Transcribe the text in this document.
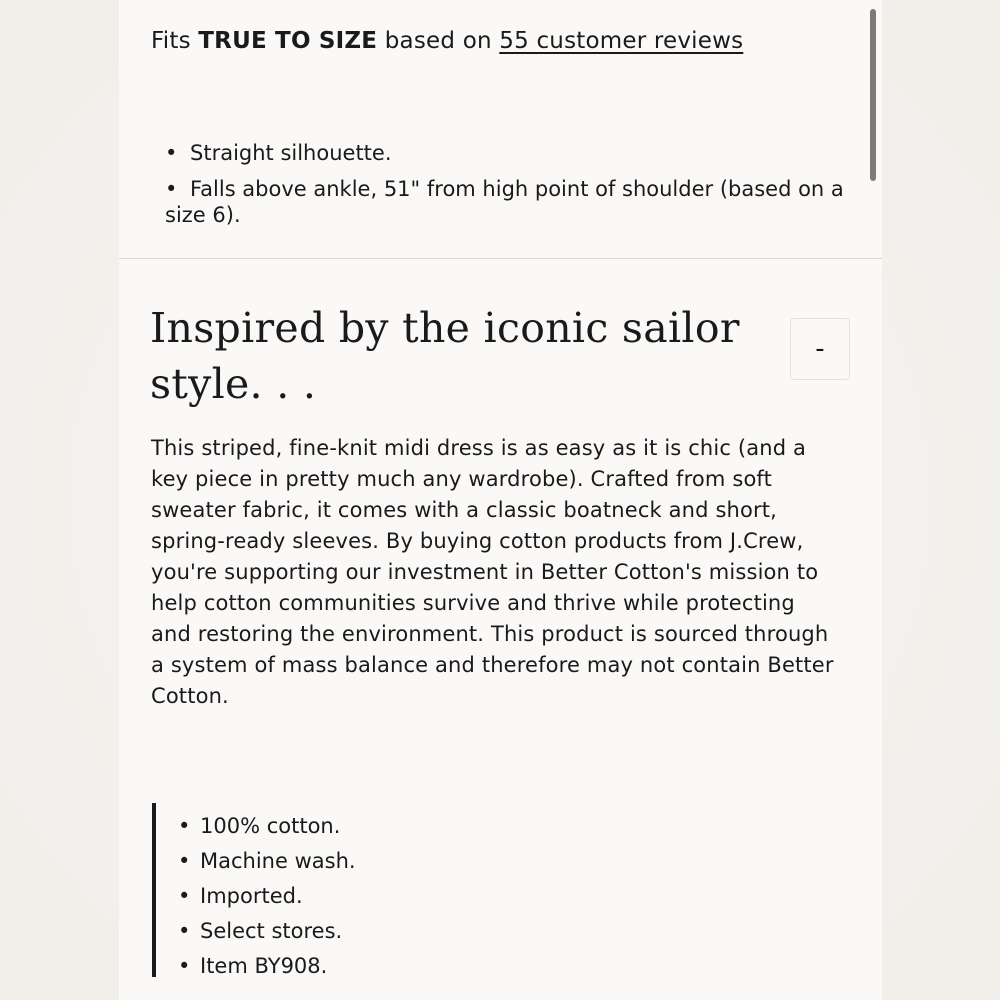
Fits TRUE TO SIZE based on 55 customer reviews
• Straight silhouette.
• Falls above ankle, 51" from high point of shoulder (based on a size 6).
Inspired by the iconic sailor style. . .
-

This striped, fine-knit midi dress is as easy as it is chic (and a key piece in pretty much any wardrobe). Crafted from soft sweater fabric, it comes with a classic boatneck and short, spring-ready sleeves. By buying cotton products from J.Crew, you're supporting our investment in Better Cotton's mission to help cotton communities survive and thrive while protecting and restoring the environment. This product is sourced through a system of mass balance and therefore may not contain Better Cotton.

• 100% cotton.
• Machine wash.
• Imported.
• Select stores.
• Item BY908.
